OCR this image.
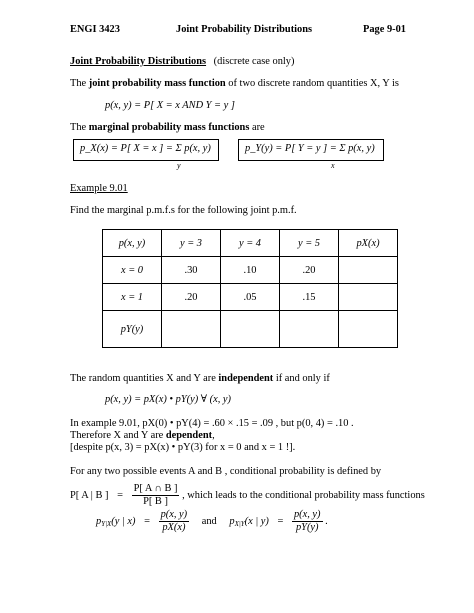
ENGI 3423	Joint Probability Distributions	Page 9-01
Joint Probability Distributions (discrete case only)
The joint probability mass function of two discrete random quantities X, Y is
p(x, y) = P[ X = x AND Y = y ]
The marginal probability mass functions are
p_X(x) = P[ X = x ] = Σ p(x, y)
y
p_Y(y) = P[ Y = y ] = Σ p(x, y)
x
Example 9.01
Find the marginal p.m.f.s for the following joint p.m.f.
p(x, y)	y = 3	y = 4	y = 5	pX(x)
x = 0	.30	.10	.20	
x = 1	.20	.05	.15	
pY(y)				
The random quantities X and Y are independent if and only if
p(x, y) = pX(x) • pY(y) ∀ (x, y)
In example 9.01, pX(0) • pY(4) = .60 × .15 = .09 , but p(0, 4) = .10 .
Therefore X and Y are dependent,
[despite p(x, 3) = pX(x) • pY(3) for x = 0 and x = 1 !].
For any two possible events A and B , conditional probability is defined by
P[ A | B ] = $\frac{P[ A \cap B ]}{P[ B ]}$ , which leads to the conditional probability mass functions
$p_{Y|X}(y$ | $x) = \frac{p(x, y)}{pX(x)}$ and $p_{X|Y}(x$ | $y) = \frac{p(x, y)}{pY(y)}$ .
